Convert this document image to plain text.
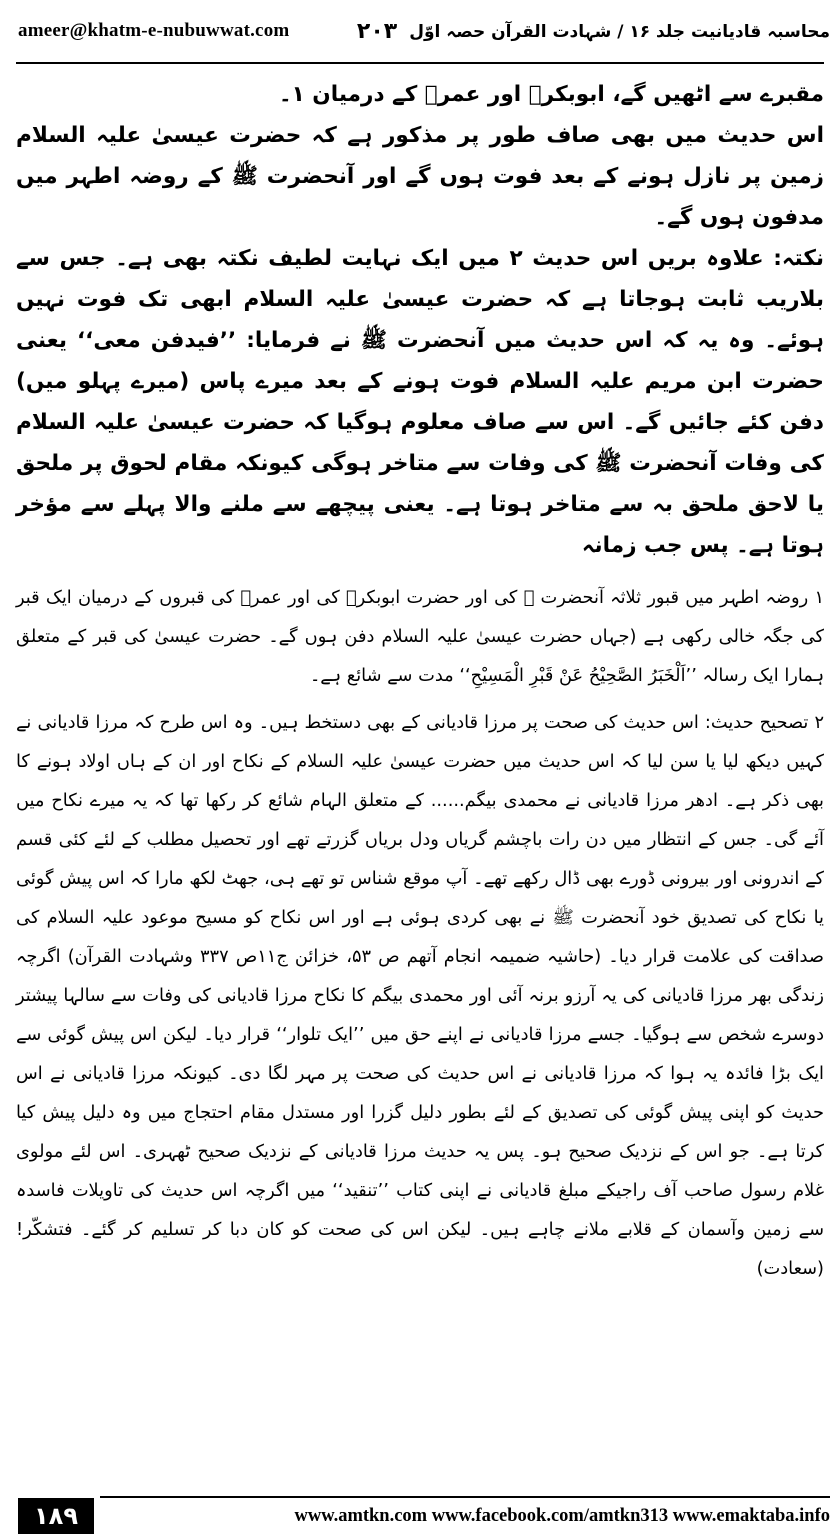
ameer@khatm-e-nubuwwat.com	۲۰۳ محاسبہ قادیانیت جلد ۱۶ / شہادت القرآن حصہ اوّل

مقبرے سے اٹھیں گے، ابوبکرؓ اور عمرؓ کے درمیان ۱۔

اس حدیث میں بھی صاف طور پر مذکور ہے کہ حضرت عیسیٰ علیہ السلام زمین پر نازل ہونے کے بعد فوت ہوں گے اور آنحضرت ﷺ کے روضہ اطہر میں مدفون ہوں گے۔

نکتہ: علاوہ بریں اس حدیث ۲ میں ایک نہایت لطیف نکتہ بھی ہے۔ جس سے بلاریب ثابت ہوجاتا ہے کہ حضرت عیسیٰ علیہ السلام ابھی تک فوت نہیں ہوئے۔ وہ یہ کہ اس حدیث میں آنحضرت ﷺ نے فرمایا: ’’فیدفن معی‘‘ یعنی حضرت ابن مریم علیہ السلام فوت ہونے کے بعد میرے پاس (میرے پہلو میں) دفن کئے جائیں گے۔ اس سے صاف معلوم ہوگیا کہ حضرت عیسیٰ علیہ السلام کی وفات آنحضرت ﷺ کی وفات سے متاخر ہوگی کیونکہ مقام لحوق پر ملحق یا لاحق ملحق بہ سے متاخر ہوتا ہے۔ یعنی پیچھے سے ملنے والا پہلے سے مؤخر ہوتا ہے۔ پس جب زمانہ

۱ روضہ اطہر میں قبور ثلاثہ آنحضرت ﷺ کی اور حضرت ابوبکرؓ کی اور عمرؓ کی قبروں کے درمیان ایک قبر کی جگہ خالی رکھی ہے (جہاں حضرت عیسیٰ علیہ السلام دفن ہوں گے۔ حضرت عیسیٰ کی قبر کے متعلق ہمارا ایک رسالہ ’’اَلْخَبَرُ الصَّحِیْحُ عَنْ قَبْرِ الْمَسِیْحِ‘‘ مدت سے شائع ہے۔

۲ تصحیح حدیث: اس حدیث کی صحت پر مرزا قادیانی کے بھی دستخط ہیں۔ وہ اس طرح کہ مرزا قادیانی نے کہیں دیکھ لیا یا سن لیا کہ اس حدیث میں حضرت عیسیٰ علیہ السلام کے نکاح اور ان کے ہاں اولاد ہونے کا بھی ذکر ہے۔ ادھر مرزا قادیانی نے محمدی بیگم...... کے متعلق الہام شائع کر رکھا تھا کہ یہ میرے نکاح میں آئے گی۔ جس کے انتظار میں دن رات باچشم گریاں ودل بریاں گزرتے تھے اور تحصیل مطلب کے لئے کئی قسم کے اندرونی اور بیرونی ڈورے بھی ڈال رکھے تھے۔ آپ موقع شناس تو تھے ہی، جھٹ لکھ مارا کہ اس پیش گوئی یا نکاح کی تصدیق خود آنحضرت ﷺ نے بھی کردی ہوئی ہے اور اس نکاح کو مسیح موعود علیہ السلام کی صداقت کی علامت قرار دیا۔ (حاشیہ ضمیمہ انجام آتھم ص ۵۳، خزائن ج۱۱ص ۳۳۷ وشہادت القرآن) اگرچہ زندگی بھر مرزا قادیانی کی یہ آرزو برنہ آئی اور محمدی بیگم کا نکاح مرزا قادیانی کی وفات سے سالہا پیشتر دوسرے شخص سے ہوگیا۔ جسے مرزا قادیانی نے اپنے حق میں ’’ایک تلوار‘‘ قرار دیا۔ لیکن اس پیش گوئی سے ایک بڑا فائدہ یہ ہوا کہ مرزا قادیانی نے اس حدیث کی صحت پر مہر لگا دی۔ کیونکہ مرزا قادیانی نے اس حدیث کو اپنی پیش گوئی کی تصدیق کے لئے بطور دلیل گزرا اور مستدل مقام احتجاج میں وہ دلیل پیش کیا کرتا ہے۔ جو اس کے نزدیک صحیح ہو۔ پس یہ حدیث مرزا قادیانی کے نزدیک صحیح ٹھہری۔ اس لئے مولوی غلام رسول صاحب آف راجیکے مبلغ قادیانی نے اپنی کتاب ’’تنقید‘‘ میں اگرچہ اس حدیث کی تاویلات فاسدہ سے زمین وآسمان کے قلابے ملانے چاہے ہیں۔ لیکن اس کی صحت کو کان دبا کر تسلیم کر گئے۔ فتشکّر! (سعادت)

۱۸۹	www.amtkn.com www.facebook.com/amtkn313 www.emaktaba.info
